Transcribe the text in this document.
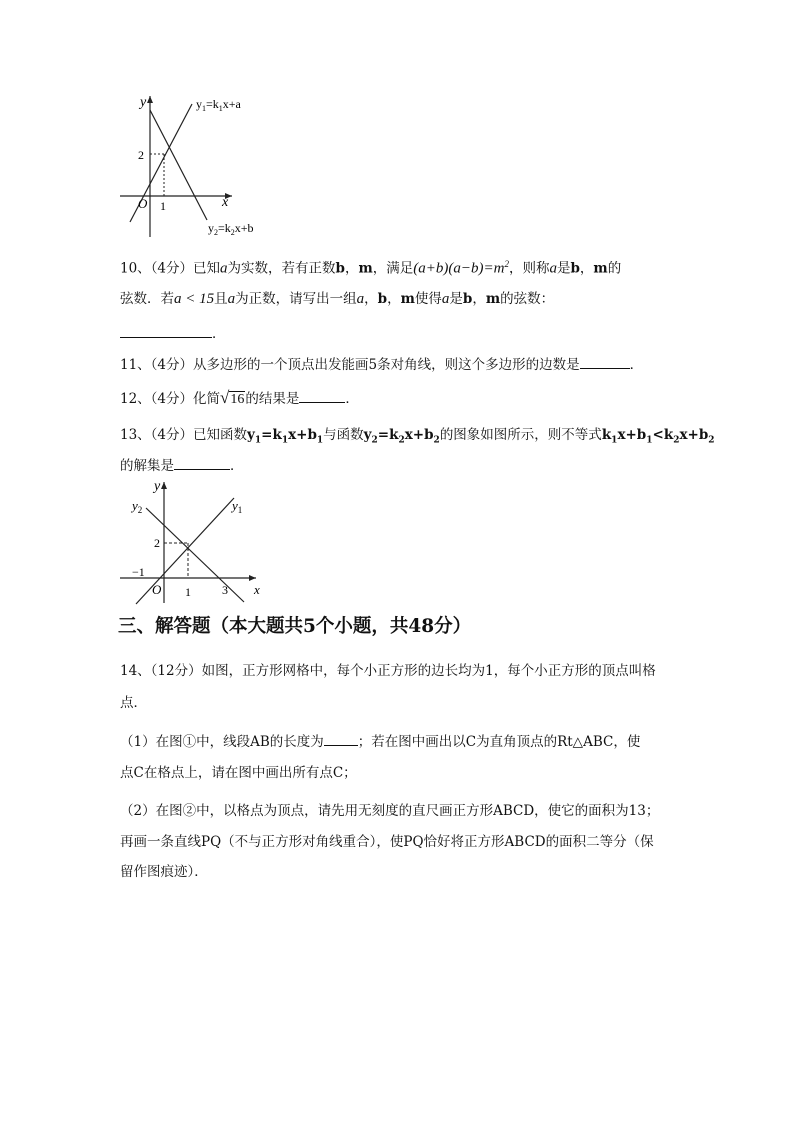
y
x
O 1
2
$y_1=k_1x+a$
$y_2=k_2x+b$
10、（4分）已知a为实数，若有正数b，m，满足$(a+b)(a-b)=m^2$，则称a是b，m的
弦数．若a < 15且a为正数，请写出一组a，b，m使得a是b，m的弦数：
．
11、（4分）从多边形的一个顶点出发能画5条对角线，则这个多边形的边数是	．
12、（4分）化简√16的结果是	．
13、（4分）已知函数$y_1=k_1x+b_1$与函数$y_2=k_2x+b_2$的图象如图所示，则不等式$k_1x+b_1<k_2x+b_2$
的解集是	．
y
x
O
$y_2$	$y_1$
2
1	3
−1
三、解答题（本大题共5个小题，共48分）
14、（12分）如图，正方形网格中，每个小正方形的边长均为1，每个小正方形的顶点叫格
点．
（1）在图①中，线段AB的长度为	；若在图中画出以C为直角顶点的Rt△ABC，使
点C在格点上，请在图中画出所有点C；
（2）在图②中，以格点为顶点，请先用无刻度的直尺画正方形ABCD，使它的面积为13；
再画一条直线PQ（不与正方形对角线重合），使PQ恰好将正方形ABCD的面积二等分（保
留作图痕迹）．
